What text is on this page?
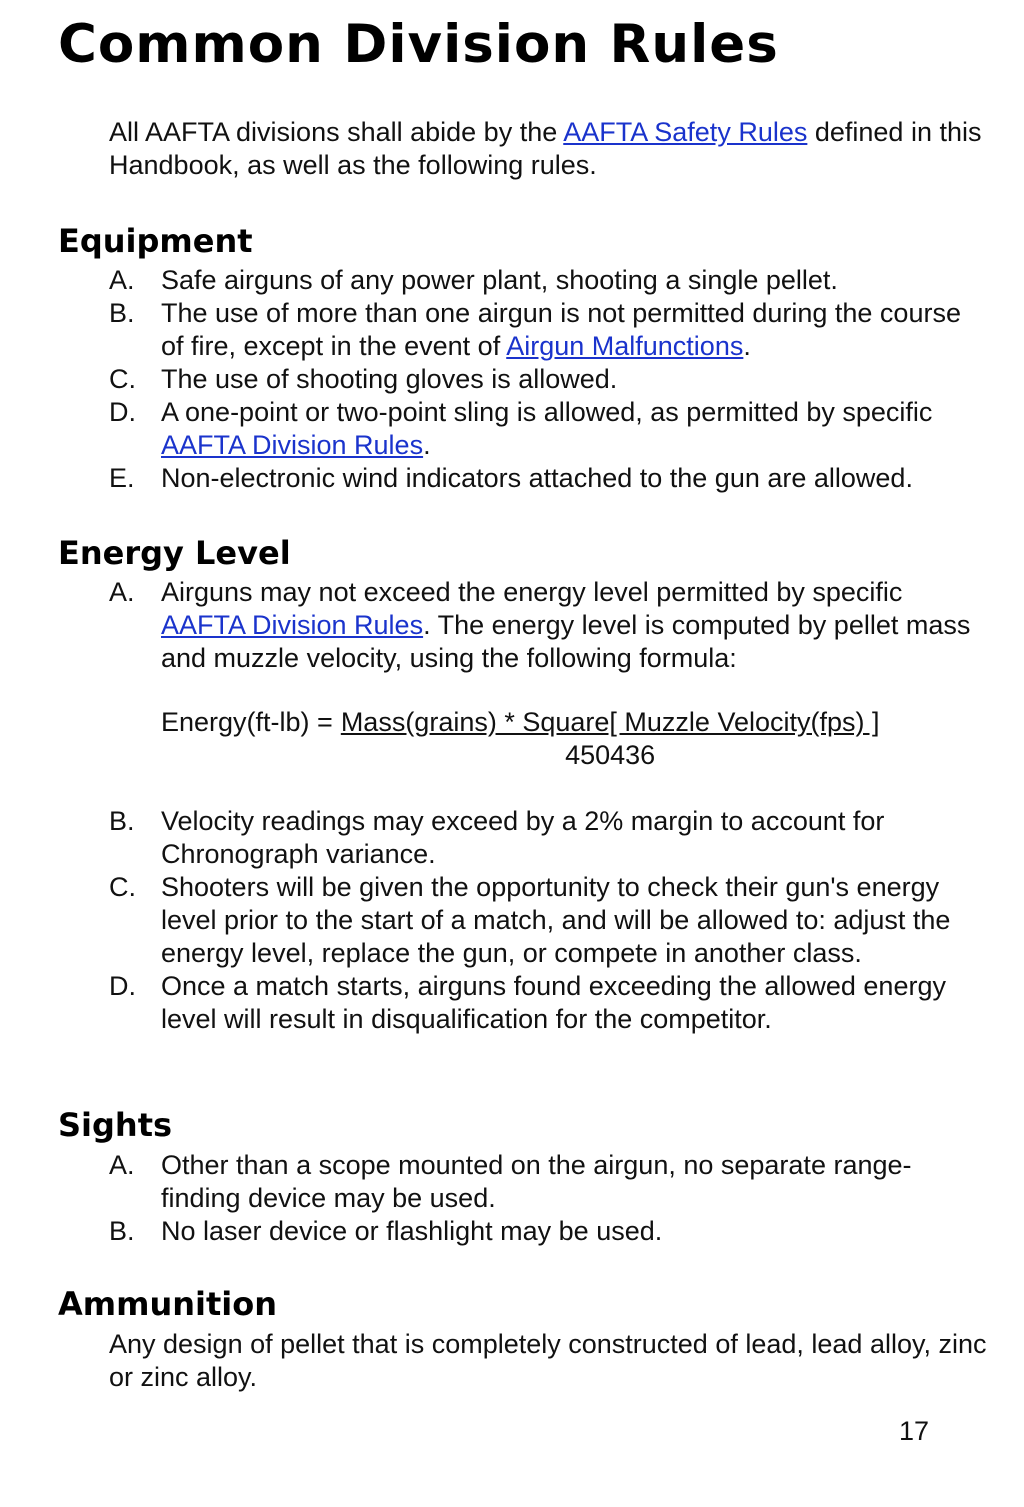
Common Division Rules

All AAFTA divisions shall abide by the AAFTA Safety Rules defined in this Handbook, as well as the following rules.

Equipment
A. Safe airguns of any power plant, shooting a single pellet.
B. The use of more than one airgun is not permitted during the course of fire, except in the event of Airgun Malfunctions.
C. The use of shooting gloves is allowed.
D. A one-point or two-point sling is allowed, as permitted by specific AAFTA Division Rules.
E. Non-electronic wind indicators attached to the gun are allowed.
Energy Level
A. Airguns may not exceed the energy level permitted by specific AAFTA Division Rules. The energy level is computed by pellet mass and muzzle velocity, using the following formula:
Energy(ft-lb) = $\frac{\text{Mass(grains) * Square[ Muzzle Velocity(fps) ]}}{450436}$
B. Velocity readings may exceed by a 2% margin to account for Chronograph variance.
C. Shooters will be given the opportunity to check their gun's energy level prior to the start of a match, and will be allowed to: adjust the energy level, replace the gun, or compete in another class.
D. Once a match starts, airguns found exceeding the allowed energy level will result in disqualification for the competitor.
Sights
A. Other than a scope mounted on the airgun, no separate range-finding device may be used.
B. No laser device or flashlight may be used.
Ammunition

Any design of pellet that is completely constructed of lead, lead alloy, zinc or zinc alloy.

17
